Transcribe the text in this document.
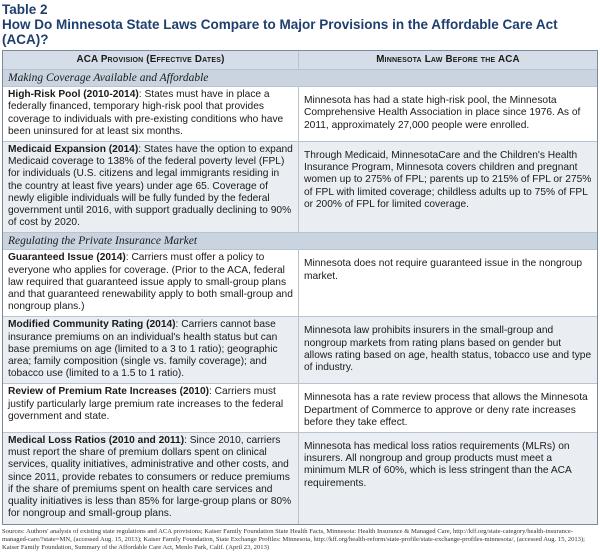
Table 2
How Do Minnesota State Laws Compare to Major Provisions in the Affordable Care Act (ACA)?
ACA Provision (Effective Dates)	Minnesota Law Before the ACA
Making Coverage Available and Affordable
High-Risk Pool (2010-2014): States must have in place a federally financed, temporary high-risk pool that provides coverage to individuals with pre-existing conditions who have been uninsured for at least six months.
Minnesota has had a state high-risk pool, the Minnesota Comprehensive Health Association in place since 1976. As of 2011, approximately 27,000 people were enrolled.
Medicaid Expansion (2014): States have the option to expand Medicaid coverage to 138% of the federal poverty level (FPL) for individuals (U.S. citizens and legal immigrants residing in the country at least five years) under age 65. Coverage of newly eligible individuals will be fully funded by the federal government until 2016, with support gradually declining to 90% of cost by 2020.
Through Medicaid, MinnesotaCare and the Children's Health Insurance Program, Minnesota covers children and pregnant women up to 275% of FPL; parents up to 215% of FPL or 275% of FPL with limited coverage; childless adults up to 75% of FPL or 200% of FPL for limited coverage.
Regulating the Private Insurance Market
Guaranteed Issue (2014): Carriers must offer a policy to everyone who applies for coverage. (Prior to the ACA, federal law required that guaranteed issue apply to small-group plans and that guaranteed renewability apply to both small-group and nongroup plans.)
Minnesota does not require guaranteed issue in the nongroup market.
Modified Community Rating (2014): Carriers cannot base insurance premiums on an individual's health status but can base premiums on age (limited to a 3 to 1 ratio); geographic area; family composition (single vs. family coverage); and tobacco use (limited to a 1.5 to 1 ratio).
Minnesota law prohibits insurers in the small-group and nongroup markets from rating plans based on gender but allows rating based on age, health status, tobacco use and type of industry.
Review of Premium Rate Increases (2010): Carriers must justify particularly large premium rate increases to the federal government and state.
Minnesota has a rate review process that allows the Minnesota Department of Commerce to approve or deny rate increases before they take effect.
Medical Loss Ratios (2010 and 2011): Since 2010, carriers must report the share of premium dollars spent on clinical services, quality initiatives, administrative and other costs, and since 2011, provide rebates to consumers or reduce premiums if the share of premiums spent on health care services and quality initiatives is less than 85% for large-group plans or 80% for nongroup and small-group plans.
Minnesota has medical loss ratios requirements (MLRs) on insurers. All nongroup and group products must meet a minimum MLR of 60%, which is less stringent than the ACA requirements.
Sources: Authors' analysis of existing state regulations and ACA provisions; Kaiser Family Foundation State Health Facts, Minnesota: Health Insurance & Managed Care, http://kff.org/state-category/health-insurance-managed-care/?state=MN, (accessed Aug. 15, 2013); Kaiser Family Foundation, State Exchange Profiles: Minnesota, http://kff.org/health-reform/state-profile/state-exchange-profiles-minnesota/, (accessed Aug. 15, 2013); Kaiser Family Foundation, Summary of the Affordable Care Act, Menlo Park, Calif. (April 23, 2013)
